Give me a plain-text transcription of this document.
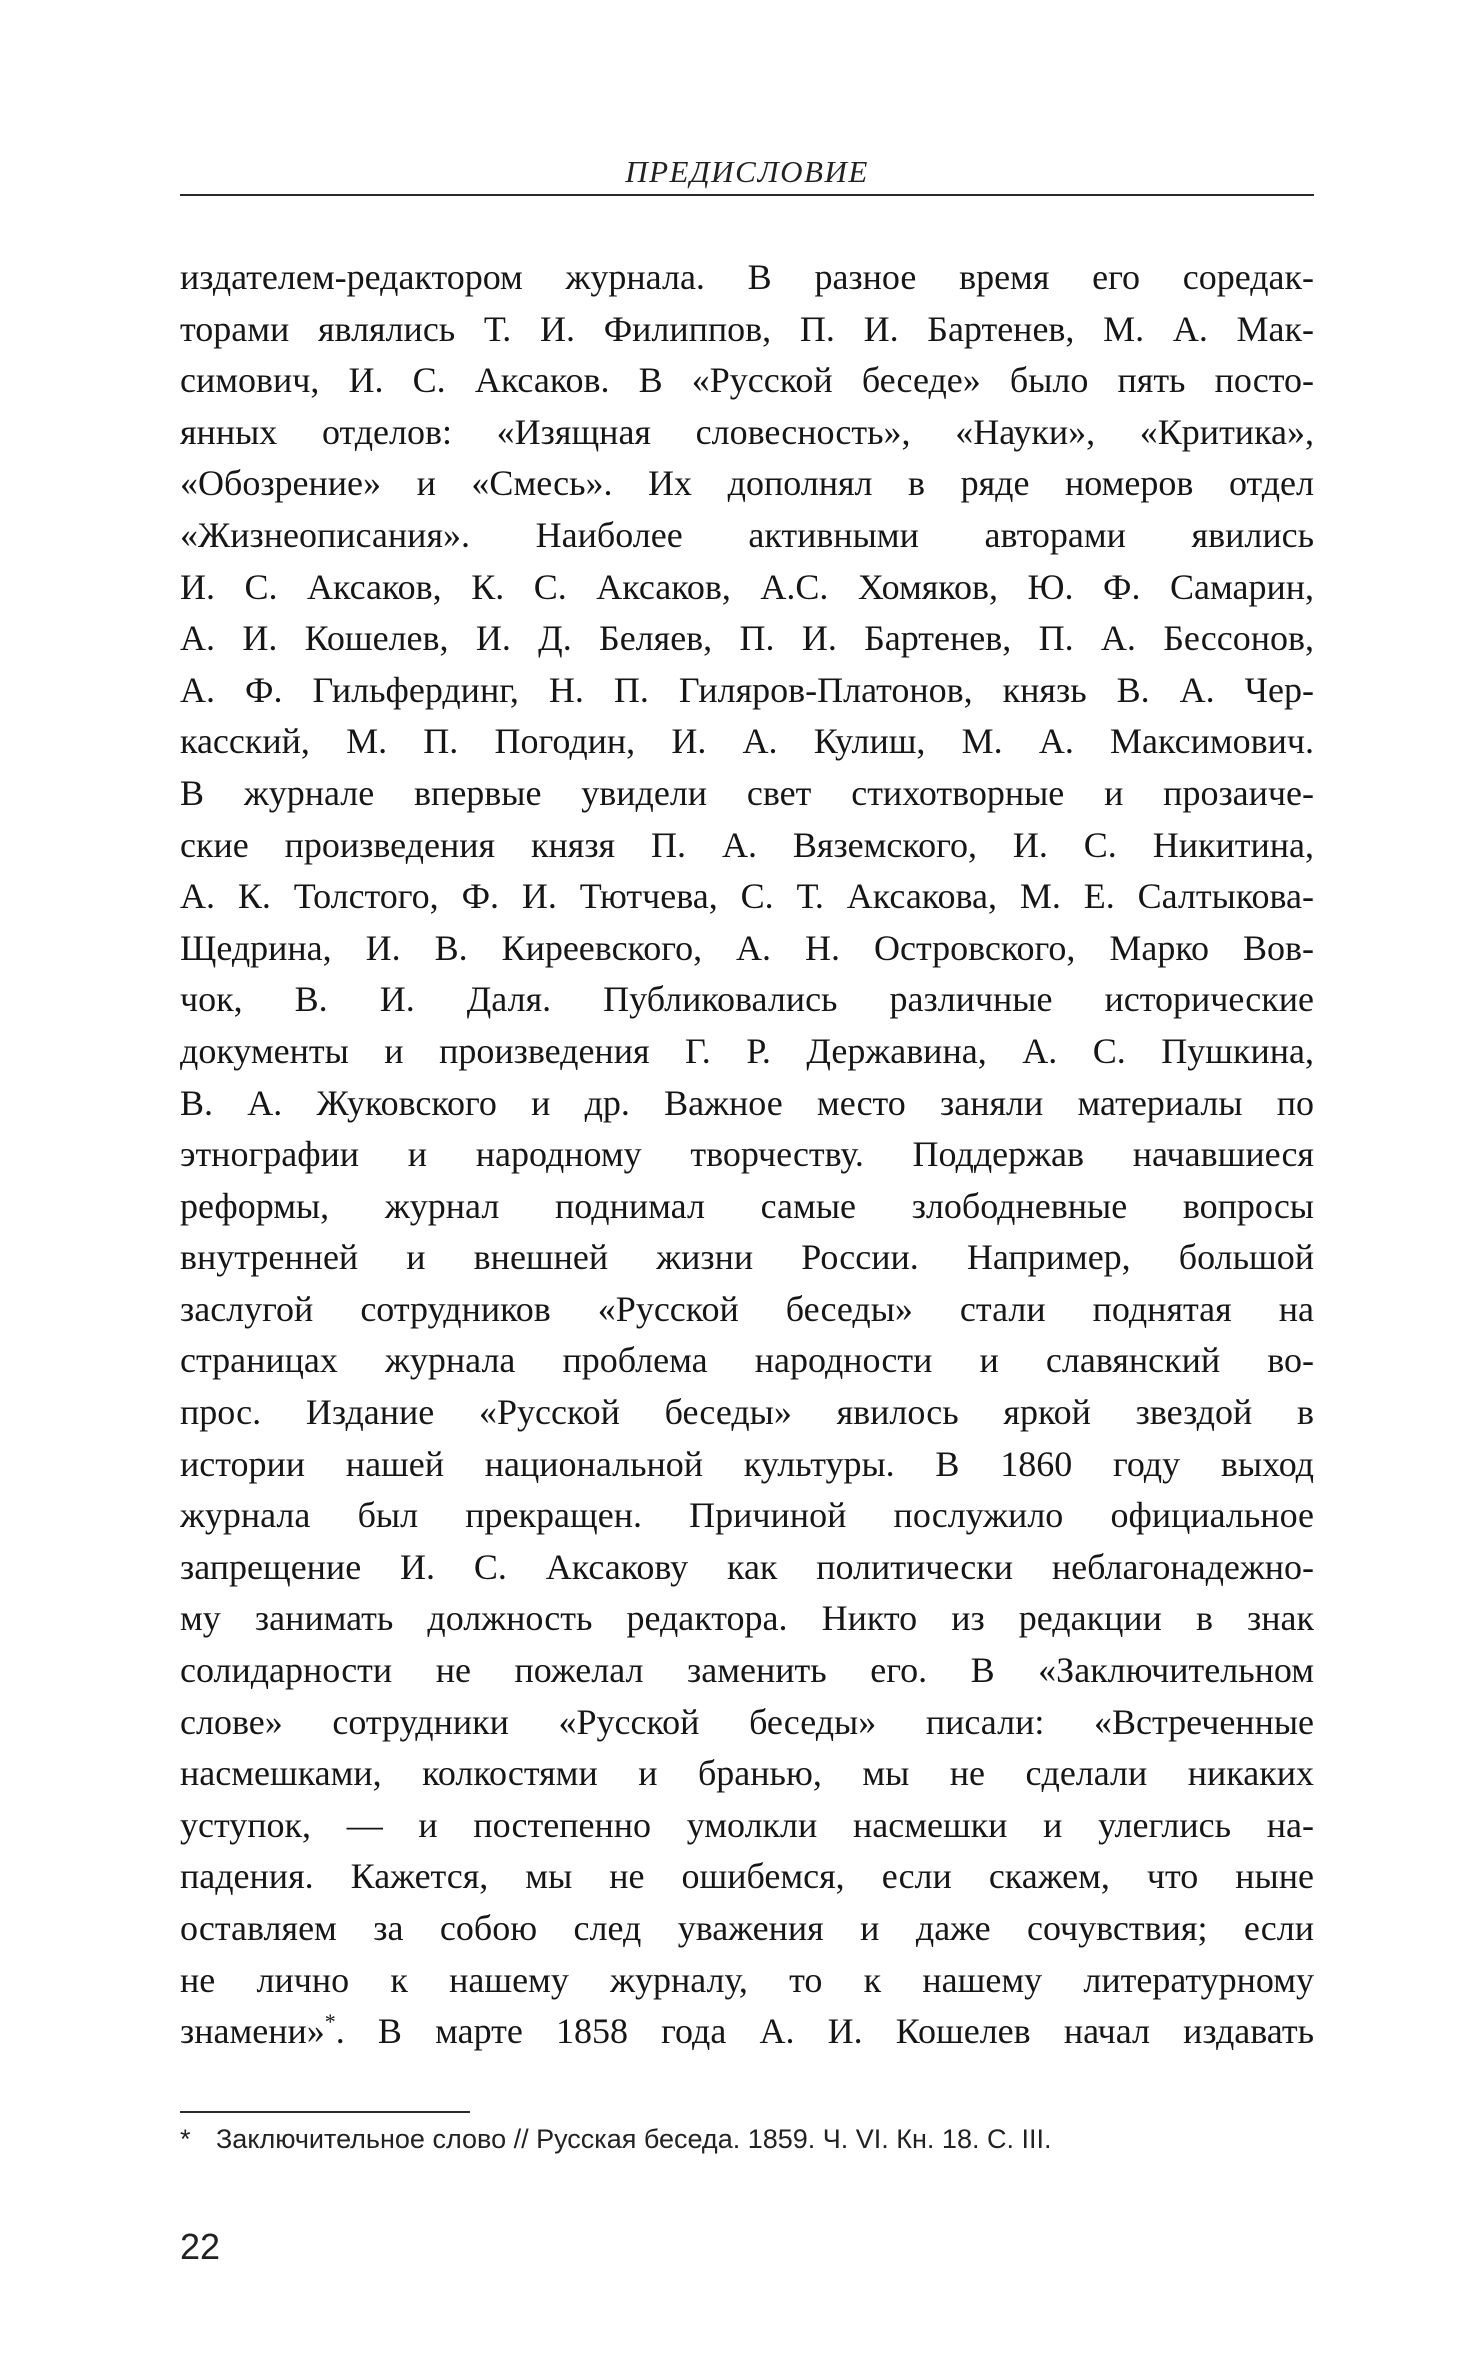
ПРЕДИСЛОВИЕ
издателем-редактором журнала. В разное время его соредак-
торами являлись Т. И. Филиппов, П. И. Бартенев, М. А. Мак-
симович, И. С. Аксаков. В «Русской беседе» было пять посто-
янных отделов: «Изящная словесность», «Науки», «Критика»,
«Обозрение» и «Смесь». Их дополнял в ряде номеров отдел
«Жизнеописания». Наиболее активными авторами явились
И. С. Аксаков, К. С. Аксаков, А.С. Хомяков, Ю. Ф. Самарин,
А. И. Кошелев, И. Д. Беляев, П. И. Бартенев, П. А. Бессонов,
А. Ф. Гильфердинг, Н. П. Гиляров-Платонов, князь В. А. Чер-
касский, М. П. Погодин, И. А. Кулиш, М. А. Максимович.
В журнале впервые увидели свет стихотворные и прозаиче-
ские произведения князя П. А. Вяземского, И. С. Никитина,
А. К. Толстого, Ф. И. Тютчева, С. Т. Аксакова, М. Е. Салтыкова-
Щедрина, И. В. Киреевского, А. Н. Островского, Марко Вов-
чок, В. И. Даля. Публиковались различные исторические
документы и произведения Г. Р. Державина, А. С. Пушкина,
В. А. Жуковского и др. Важное место заняли материалы по
этнографии и народному творчеству. Поддержав начавшиеся
реформы, журнал поднимал самые злободневные вопросы
внутренней и внешней жизни России. Например, большой
заслугой сотрудников «Русской беседы» стали поднятая на
страницах журнала проблема народности и славянский во-
прос. Издание «Русской беседы» явилось яркой звездой в
истории нашей национальной культуры. В 1860 году выход
журнала был прекращен. Причиной послужило официальное
запрещение И. С. Аксакову как политически неблагонадежно-
му занимать должность редактора. Никто из редакции в знак
солидарности не пожелал заменить его. В «Заключительном
слове» сотрудники «Русской беседы» писали: «Встреченные
насмешками, колкостями и бранью, мы не сделали никаких
уступок, — и постепенно умолкли насмешки и улеглись на-
падения. Кажется, мы не ошибемся, если скажем, что ныне
оставляем за собою след уважения и даже сочувствия; если
не лично к нашему журналу, то к нашему литературному
знамени»*. В марте 1858 года А. И. Кошелев начал издавать
* Заключительное слово // Русская беседа. 1859. Ч. VI. Кн. 18. С. III.
22
